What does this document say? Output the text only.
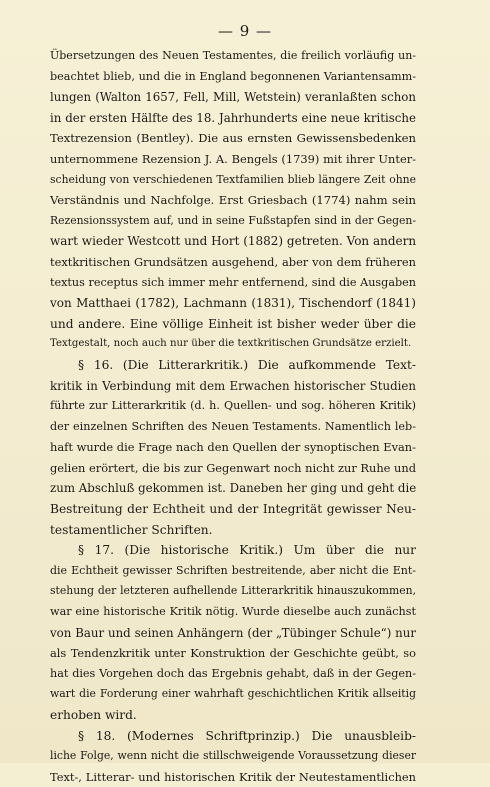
— 9 —
Übersetzungen des Neuen Testamentes, die freilich vorläufig un-
beachtet blieb, und die in England begonnenen Variantensamm-
lungen (Walton 1657, Fell, Mill, Wetstein) veranlaßten schon
in der ersten Hälfte des 18. Jahrhunderts eine neue kritische
Textrezension (Bentley). Die aus ernsten Gewissensbedenken
unternommene Rezension J. A. Bengels (1739) mit ihrer Unter-
scheidung von verschiedenen Textfamilien blieb längere Zeit ohne
Verständnis und Nachfolge. Erst Griesbach (1774) nahm sein
Rezensionssystem auf, und in seine Fußstapfen sind in der Gegen-
wart wieder Westcott und Hort (1882) getreten. Von andern
textkritischen Grundsätzen ausgehend, aber von dem früheren
textus receptus sich immer mehr entfernend, sind die Ausgaben
von Matthaei (1782), Lachmann (1831), Tischendorf (1841)
und andere. Eine völlige Einheit ist bisher weder über die
Textgestalt, noch auch nur über die textkritischen Grundsätze erzielt.
§ 16. (Die Litterarkritik.) Die aufkommende Text-
kritik in Verbindung mit dem Erwachen historischer Studien
führte zur Litterarkritik (d. h. Quellen- und sog. höheren Kritik)
der einzelnen Schriften des Neuen Testaments. Namentlich leb-
haft wurde die Frage nach den Quellen der synoptischen Evan-
gelien erörtert, die bis zur Gegenwart noch nicht zur Ruhe und
zum Abschluß gekommen ist. Daneben her ging und geht die
Bestreitung der Echtheit und der Integrität gewisser Neu-
testamentlicher Schriften.
§ 17. (Die historische Kritik.) Um über die nur
die Echtheit gewisser Schriften bestreitende, aber nicht die Ent-
stehung der letzteren aufhellende Litterarkritik hinauszukommen,
war eine historische Kritik nötig. Wurde dieselbe auch zunächst
von Baur und seinen Anhängern (der „Tübinger Schule“) nur
als Tendenzkritik unter Konstruktion der Geschichte geübt, so
hat dies Vorgehen doch das Ergebnis gehabt, daß in der Gegen-
wart die Forderung einer wahrhaft geschichtlichen Kritik allseitig
erhoben wird.
§ 18. (Modernes Schriftprinzip.) Die unausbleib-
liche Folge, wenn nicht die stillschweigende Voraussetzung dieser
Text-, Litterar- und historischen Kritik der Neutestamentlichen
